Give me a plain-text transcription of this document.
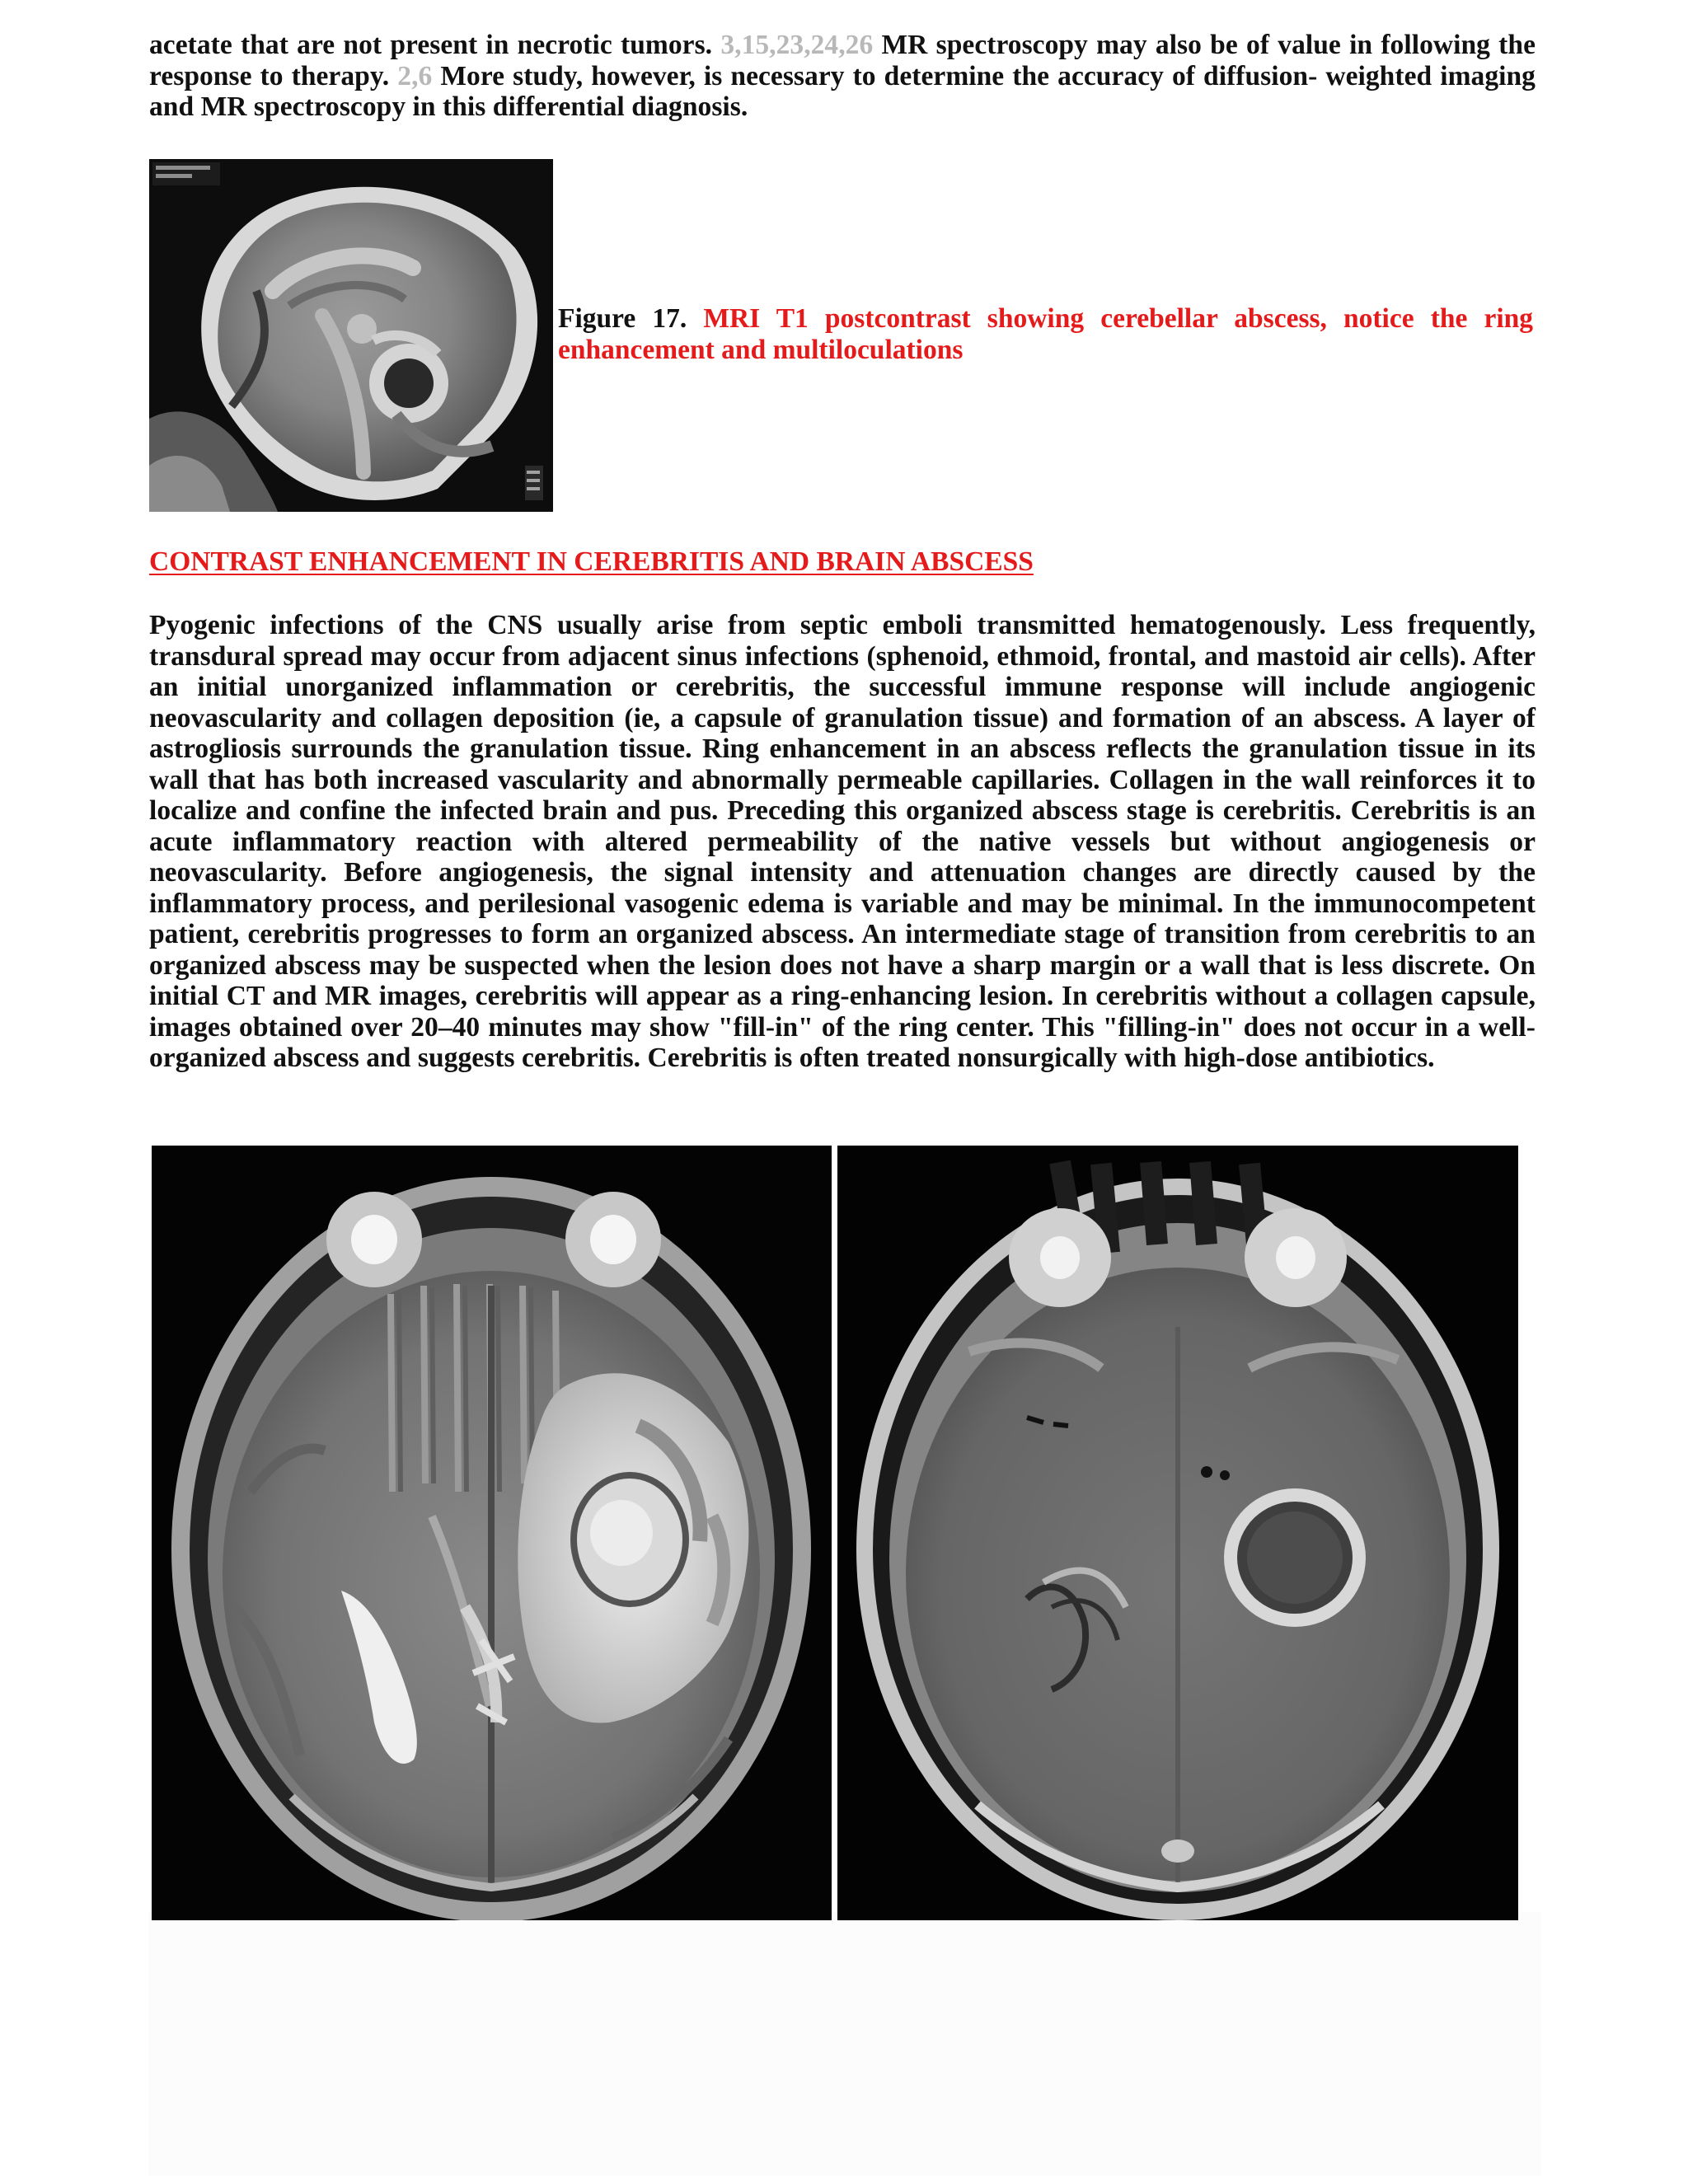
acetate that are not present in necrotic tumors. 3,15,23,24,26 MR spectroscopy may also be of value in following the response to therapy. 2,6 More study, however, is necessary to determine the accuracy of diffusion- weighted imaging and MR spectroscopy in this differential diagnosis.

Figure 17. MRI T1 postcontrast showing cerebellar abscess, notice the ring enhancement and multiloculations

CONTRAST ENHANCEMENT IN CEREBRITIS AND BRAIN ABSCESS

Pyogenic infections of the CNS usually arise from septic emboli transmitted hematogenously. Less frequently, transdural spread may occur from adjacent sinus infections (sphenoid, ethmoid, frontal, and mastoid air cells). After an initial unorganized inflammation or cerebritis, the successful immune response will include angiogenic neovascularity and collagen deposition (ie, a capsule of granulation tissue) and formation of an abscess. A layer of astrogliosis surrounds the granulation tissue. Ring enhancement in an abscess reflects the granulation tissue in its wall that has both increased vascularity and abnormally permeable capillaries. Collagen in the wall reinforces it to localize and confine the infected brain and pus. Preceding this organized abscess stage is cerebritis. Cerebritis is an acute inflammatory reaction with altered permeability of the native vessels but without angiogenesis or neovascularity. Before angiogenesis, the signal intensity and attenuation changes are directly caused by the inflammatory process, and perilesional vasogenic edema is variable and may be minimal. In the immunocompetent patient, cerebritis progresses to form an organized abscess. An intermediate stage of transition from cerebritis to an organized abscess may be suspected when the lesion does not have a sharp margin or a wall that is less discrete. On initial CT and MR images, cerebritis will appear as a ring-enhancing lesion. In cerebritis without a collagen capsule, images obtained over 20–40 minutes may show "fill-in" of the ring center. This "filling-in" does not occur in a well-organized abscess and suggests cerebritis. Cerebritis is often treated nonsurgically with high-dose antibiotics.
